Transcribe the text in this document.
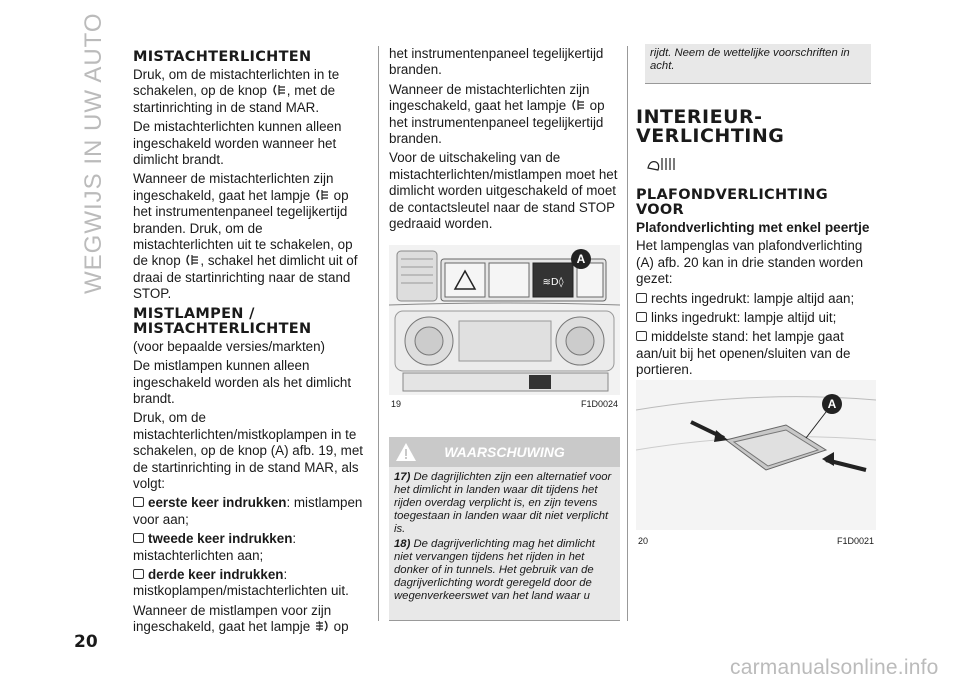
WEGWIJS IN UW AUTO MISTACHTERLICHTEN

Druk, om de mistachterlichten in te schakelen, op de knop , met de startinrichting in de stand MAR.

De mistachterlichten kunnen alleen ingeschakeld worden wanneer het dimlicht brandt.

Wanneer de mistachterlichten zijn ingeschakeld, gaat het lampje op het instrumentenpaneel tegelijkertijd branden. Druk, om de mistachterlichten uit te schakelen, op de knop , schakel het dimlicht uit of draai de startinrichting naar de stand STOP.

MISTLAMPEN / MISTACHTERLICHTEN

(voor bepaalde versies/markten)

De mistlampen kunnen alleen ingeschakeld worden als het dimlicht brandt.

Druk, om de mistachterlichten/mistkoplampen in te schakelen, op de knop (A) afb. 19, met de startinrichting in de stand MAR, als volgt:

eerste keer indrukken: mistlampen voor aan;

tweede keer indrukken: mistachterlichten aan;

derde keer indrukken: mistkoplampen/mistachterlichten uit.

Wanneer de mistlampen voor zijn ingeschakeld, gaat het lampje op

het instrumentenpaneel tegelijkertijd branden.

Wanneer de mistachterlichten zijn ingeschakeld, gaat het lampje op het instrumentenpaneel tegelijkertijd branden.

Voor de uitschakeling van de mistachterlichten/mistlampen moet het dimlicht worden uitgeschakeld of moet de contactsleutel naar de stand STOP gedraaid worden.

≋D◊
A
19	F1D0024
WAARSCHUWING

17) De dagrijlichten zijn een alternatief voor het dimlicht in landen waar dit tijdens het rijden overdag verplicht is, en zijn tevens toegestaan in landen waar dit niet verplicht is.

18) De dagrijverlichting mag het dimlicht niet vervangen tijdens het rijden in het donker of in tunnels. Het gebruik van de dagrijverlichting wordt geregeld door de wegenverkeerswet van het land waar u

rijdt. Neem de wettelijke voorschriften in acht.
INTERIEUR-VERLICHTING
PLAFONDVERLICHTING VOOR
Plafondverlichting met enkel peertje

Het lampenglas van plafondverlichting (A) afb. 20 kan in drie standen worden gezet:

rechts ingedrukt: lampje altijd aan;

links ingedrukt: lampje altijd uit;

middelste stand: het lampje gaat aan/uit bij het openen/sluiten van de portieren.

A
20	F1D0021
20
carmanualsonline.info
